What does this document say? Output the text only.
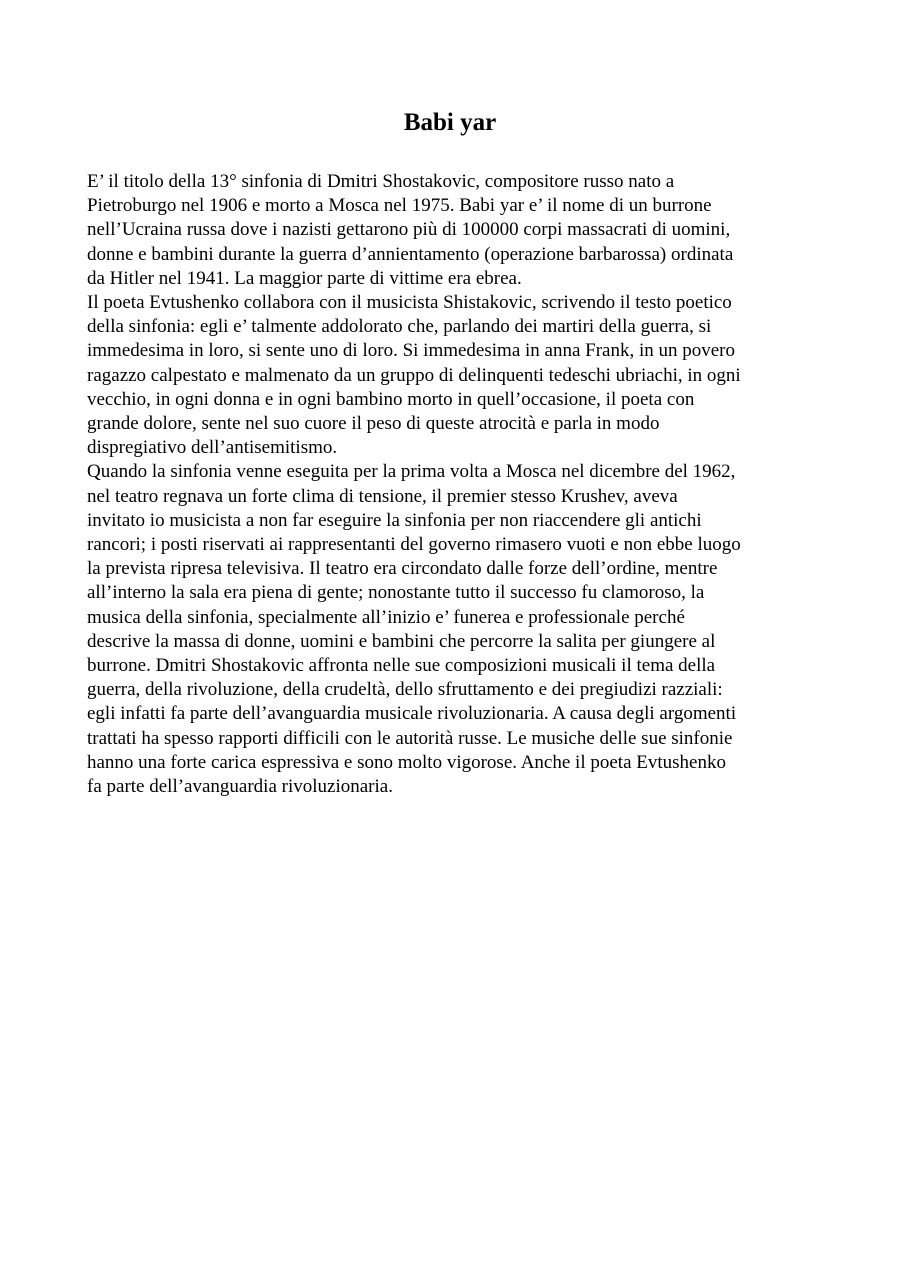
Babi yar
E’ il titolo della 13° sinfonia di Dmitri Shostakovic, compositore russo nato a
Pietroburgo nel 1906 e morto a Mosca nel 1975. Babi yar e’ il nome di un burrone
nell’Ucraina russa dove i nazisti gettarono più di 100000 corpi massacrati di uomini,
donne e bambini durante la guerra d’annientamento (operazione barbarossa) ordinata
da Hitler nel 1941. La maggior parte di vittime era ebrea.
Il poeta Evtushenko collabora con il musicista Shistakovic, scrivendo il testo poetico
della sinfonia: egli e’ talmente addolorato che, parlando dei martiri della guerra, si
immedesima in loro, si sente uno di loro. Si immedesima in anna Frank, in un povero
ragazzo calpestato e malmenato da un gruppo di delinquenti tedeschi ubriachi, in ogni
vecchio, in ogni donna e in ogni bambino morto in quell’occasione, il poeta con
grande dolore, sente nel suo cuore il peso di queste atrocità e parla in modo
dispregiativo dell’antisemitismo.
Quando la sinfonia venne eseguita per la prima volta a Mosca nel dicembre del 1962,
nel teatro regnava un forte clima di tensione, il premier stesso Krushev, aveva
invitato io musicista a non far eseguire la sinfonia per non riaccendere gli antichi
rancori; i posti riservati ai rappresentanti del governo rimasero vuoti e non ebbe luogo
la prevista ripresa televisiva. Il teatro era circondato dalle forze dell’ordine, mentre
all’interno la sala era piena di gente; nonostante tutto il successo fu clamoroso, la
musica della sinfonia, specialmente all’inizio e’ funerea e professionale perché
descrive la massa di donne, uomini e bambini che percorre la salita per giungere al
burrone. Dmitri Shostakovic affronta nelle sue composizioni musicali il tema della
guerra, della rivoluzione, della crudeltà, dello sfruttamento e dei pregiudizi razziali:
egli infatti fa parte dell’avanguardia musicale rivoluzionaria. A causa degli argomenti
trattati ha spesso rapporti difficili con le autorità russe. Le musiche delle sue sinfonie
hanno una forte carica espressiva e sono molto vigorose. Anche il poeta Evtushenko
fa parte dell’avanguardia rivoluzionaria.
